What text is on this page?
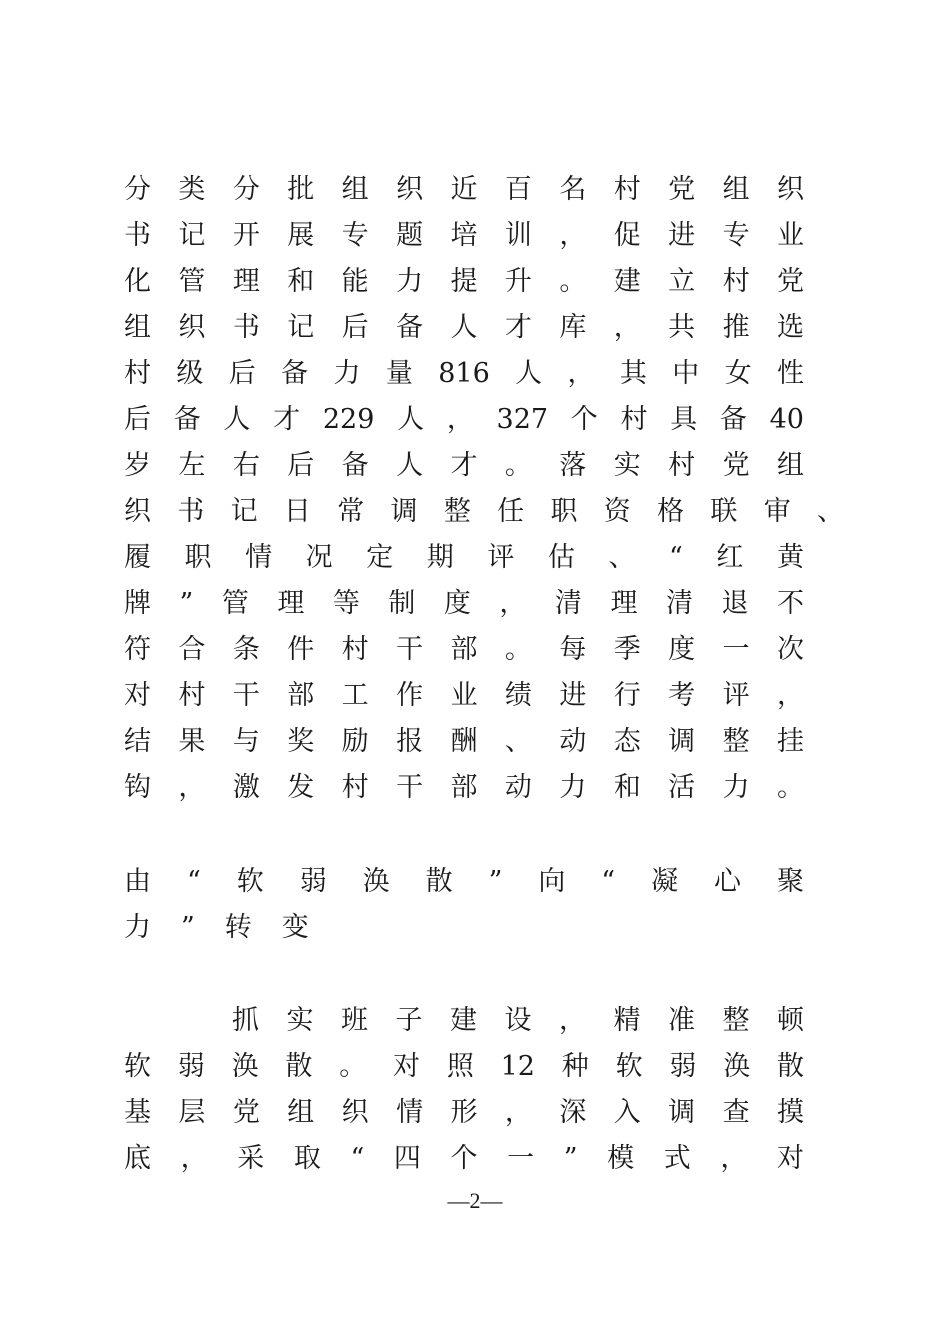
分类分批组织近百名村党组织
书记开展专题培训，促进专业
化管理和能力提升。建立村党
组织书记后备人才库，共推选
村级后备力量816人，其中女性
后备人才229人，327个村具备40
岁左右后备人才。落实村党组
织书记日常调整任职资格联审、
履职情况定期评估、“红黄
牌”管理等制度，清理清退不
符合条件村干部。每季度一次
对村干部工作业绩进行考评，
结果与奖励报酬、动态调整挂
钩，激发村干部动力和活力。
由“软弱涣散”向“凝心聚
力”转变
抓实班子建设，精准整顿
软弱涣散。对照12种软弱涣散
基层党组织情形，深入调查摸
底，采取“四个一”模式，对
—2—
